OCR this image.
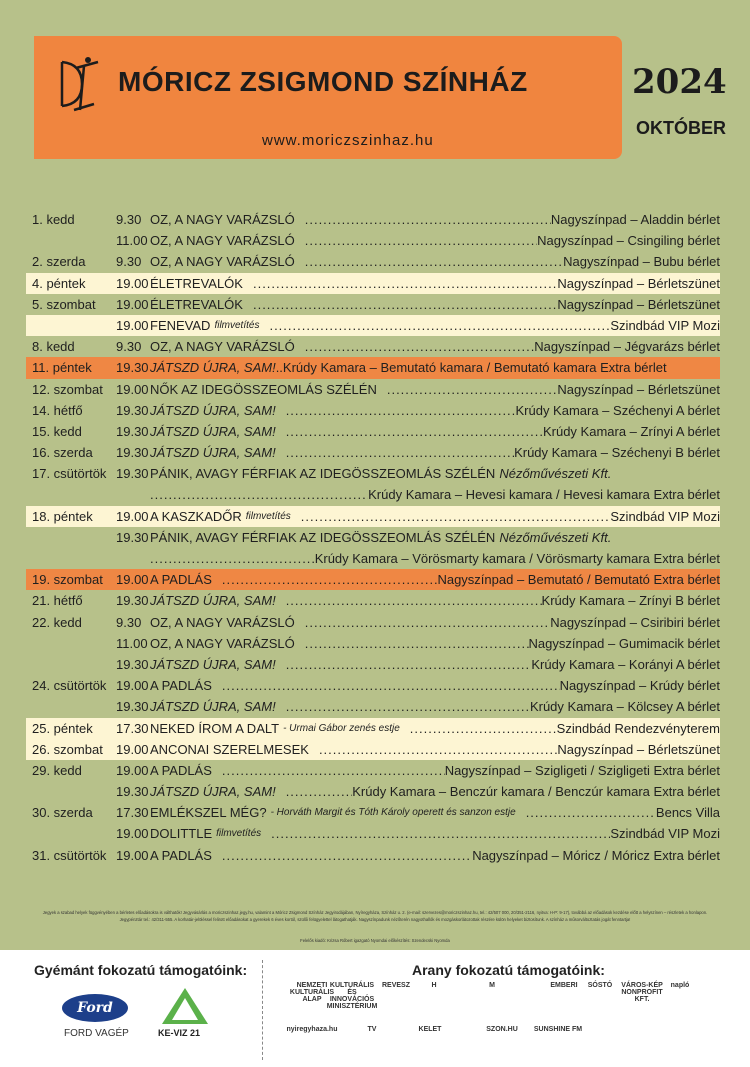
MÓRICZ ZSIGMOND SZÍNHÁZ
www.moriczszinhaz.hu
2024
OKTÓBER
1. kedd	9.30 OZ, A NAGY VARÁZSLÓ .....	Nagyszínpad – Aladdin bérlet
11.00 OZ, A NAGY VARÁZSLÓ .....	Nagyszínpad – Csingiling bérlet
2. szerda 9.30 OZ, A NAGY VARÁZSLÓ .....	Nagyszínpad – Bubu bérlet
4. péntek 19.00 ÉLETREVALÓK .....	Nagyszínpad – Bérletszünet
5. szombat 19.00 ÉLETREVALÓK .....	Nagyszínpad – Bérletszünet
19.00 FENEVAD filmvetítés .....	Szindbád VIP Mozi
8. kedd	9.30 OZ, A NAGY VARÁZSLÓ .....	Nagyszínpad – Jégvarázs bérlet
11. péntek 19.30 JÁTSZD ÚJRA, SAM! ..Krúdy Kamara – Bemutató kamara / Bemutató kamara Extra bérlet
12. szombat 19.00 NŐK AZ IDEGÖSSZEOMLÁS SZÉLÉN .....	Nagyszínpad – Bérletszünet
14. hétfő	19.30 JÁTSZD ÚJRA, SAM! .....	Krúdy Kamara – Széchenyi A bérlet
15. kedd	19.30 JÁTSZD ÚJRA, SAM! .....	Krúdy Kamara – Zrínyi A bérlet
16. szerda 19.30 JÁTSZD ÚJRA, SAM! .....	Krúdy Kamara – Széchenyi B bérlet
17. csütörtök 19.30 PÁNIK, AVAGY FÉRFIAK AZ IDEGÖSSZEOMLÁS SZÉLÉN Nézőművészeti Kft.
.....
Krúdy Kamara – Hevesi kamara / Hevesi kamara Extra bérlet
18. péntek 19.00 A KASZKADŐR filmvetítés .....	Szindbád VIP Mozi
19.30 PÁNIK, AVAGY FÉRFIAK AZ IDEGÖSSZEOMLÁS SZÉLÉN Nézőművészeti Kft.
.....
Krúdy Kamara – Vörösmarty kamara / Vörösmarty kamara Extra bérlet
19. szombat 19.00 A PADLÁS .....	Nagyszínpad – Bemutató / Bemutató Extra bérlet
21. hétfő	19.30 JÁTSZD ÚJRA, SAM! .....	Krúdy Kamara – Zrínyi B bérlet
22. kedd	9.30 OZ, A NAGY VARÁZSLÓ .....	Nagyszínpad – Csiribiri bérlet
11.00 OZ, A NAGY VARÁZSLÓ .....	Nagyszínpad – Gumimacik bérlet
19.30 JÁTSZD ÚJRA, SAM! .....	Krúdy Kamara – Korányi A bérlet
24. csütörtök 19.00 A PADLÁS .....	Nagyszínpad – Krúdy bérlet
19.30 JÁTSZD ÚJRA, SAM! .....	Krúdy Kamara – Kölcsey A bérlet
25. péntek 17.30 NEKED ÍROM A DALT - Urmai Gábor zenés estje .....	Szindbád Rendezvényterem
26. szombat 19.00 ANCONAI SZERELMESEK .....	Nagyszínpad – Bérletszünet
29. kedd	19.00 A PADLÁS .....	Nagyszínpad – Szigligeti / Szigligeti Extra bérlet
19.30 JÁTSZD ÚJRA, SAM! .....	Krúdy Kamara – Benczúr kamara / Benczúr kamara Extra bérlet
30. szerda 17.30 EMLÉKSZEL MÉG? - Horváth Margit és Tóth Károly operett és sanzon estje .....	Bencs Villa
19.00 DOLITTLE filmvetítés .....	Szindbád VIP Mozi
31. csütörtök 19.00 A PADLÁS .....	Nagyszínpad – Móricz / Móricz Extra bérlet
Jegyek a szabad helyek függvényében a bérletes előadásokra is válthatók! Jegyvásárlás a moriczszinhaz.jegy.hu, valamint a Móricz Zsigmond Színház Jegyirodájában, Nyíregyháza, Színház u. 2. (e-mail: szervezes@moriczszinhaz.hu, tel.: 42/507 000, 20/351-2116, nyitva: H-P: 9-17), továbbá az előadások kezdése előtt a helyszínen – részletek a honlapon. Jegypénztár tel.: 42/311-555. A korhatár-jelöléssel felirott előadásokat a gyerekek 6 éves kortól, szülői felügyelettel látogathatják. Nagyszínpadunk nézőterén nagyothallók és mozgáskorlátozottak részére külön helyeket biztosítunk. A színház a műsorváltoztatás jogát fenntartja!
Felelős kiadó: Krizsa Róbert igazgató Nyomdai előkészítés: Szendecski Nyomda
Gyémánt fokozatú támogatóink:	Arany fokozatú támogatóink:
Ford
FORD VAGÉP	KE-VIZ 21
NEMZETI KULTURÁLIS ALAP
KULTURÁLIS ÉS INNOVÁCIÓS MINISZTÉRIUM
REVESZ	H	M	EMBERI	SÓSTÓ	VÁROS-KÉP NONPROFIT KFT.
napló
nyiregyhaza.hu	TV	KELET	SZON.HU	SUNSHINE FM
